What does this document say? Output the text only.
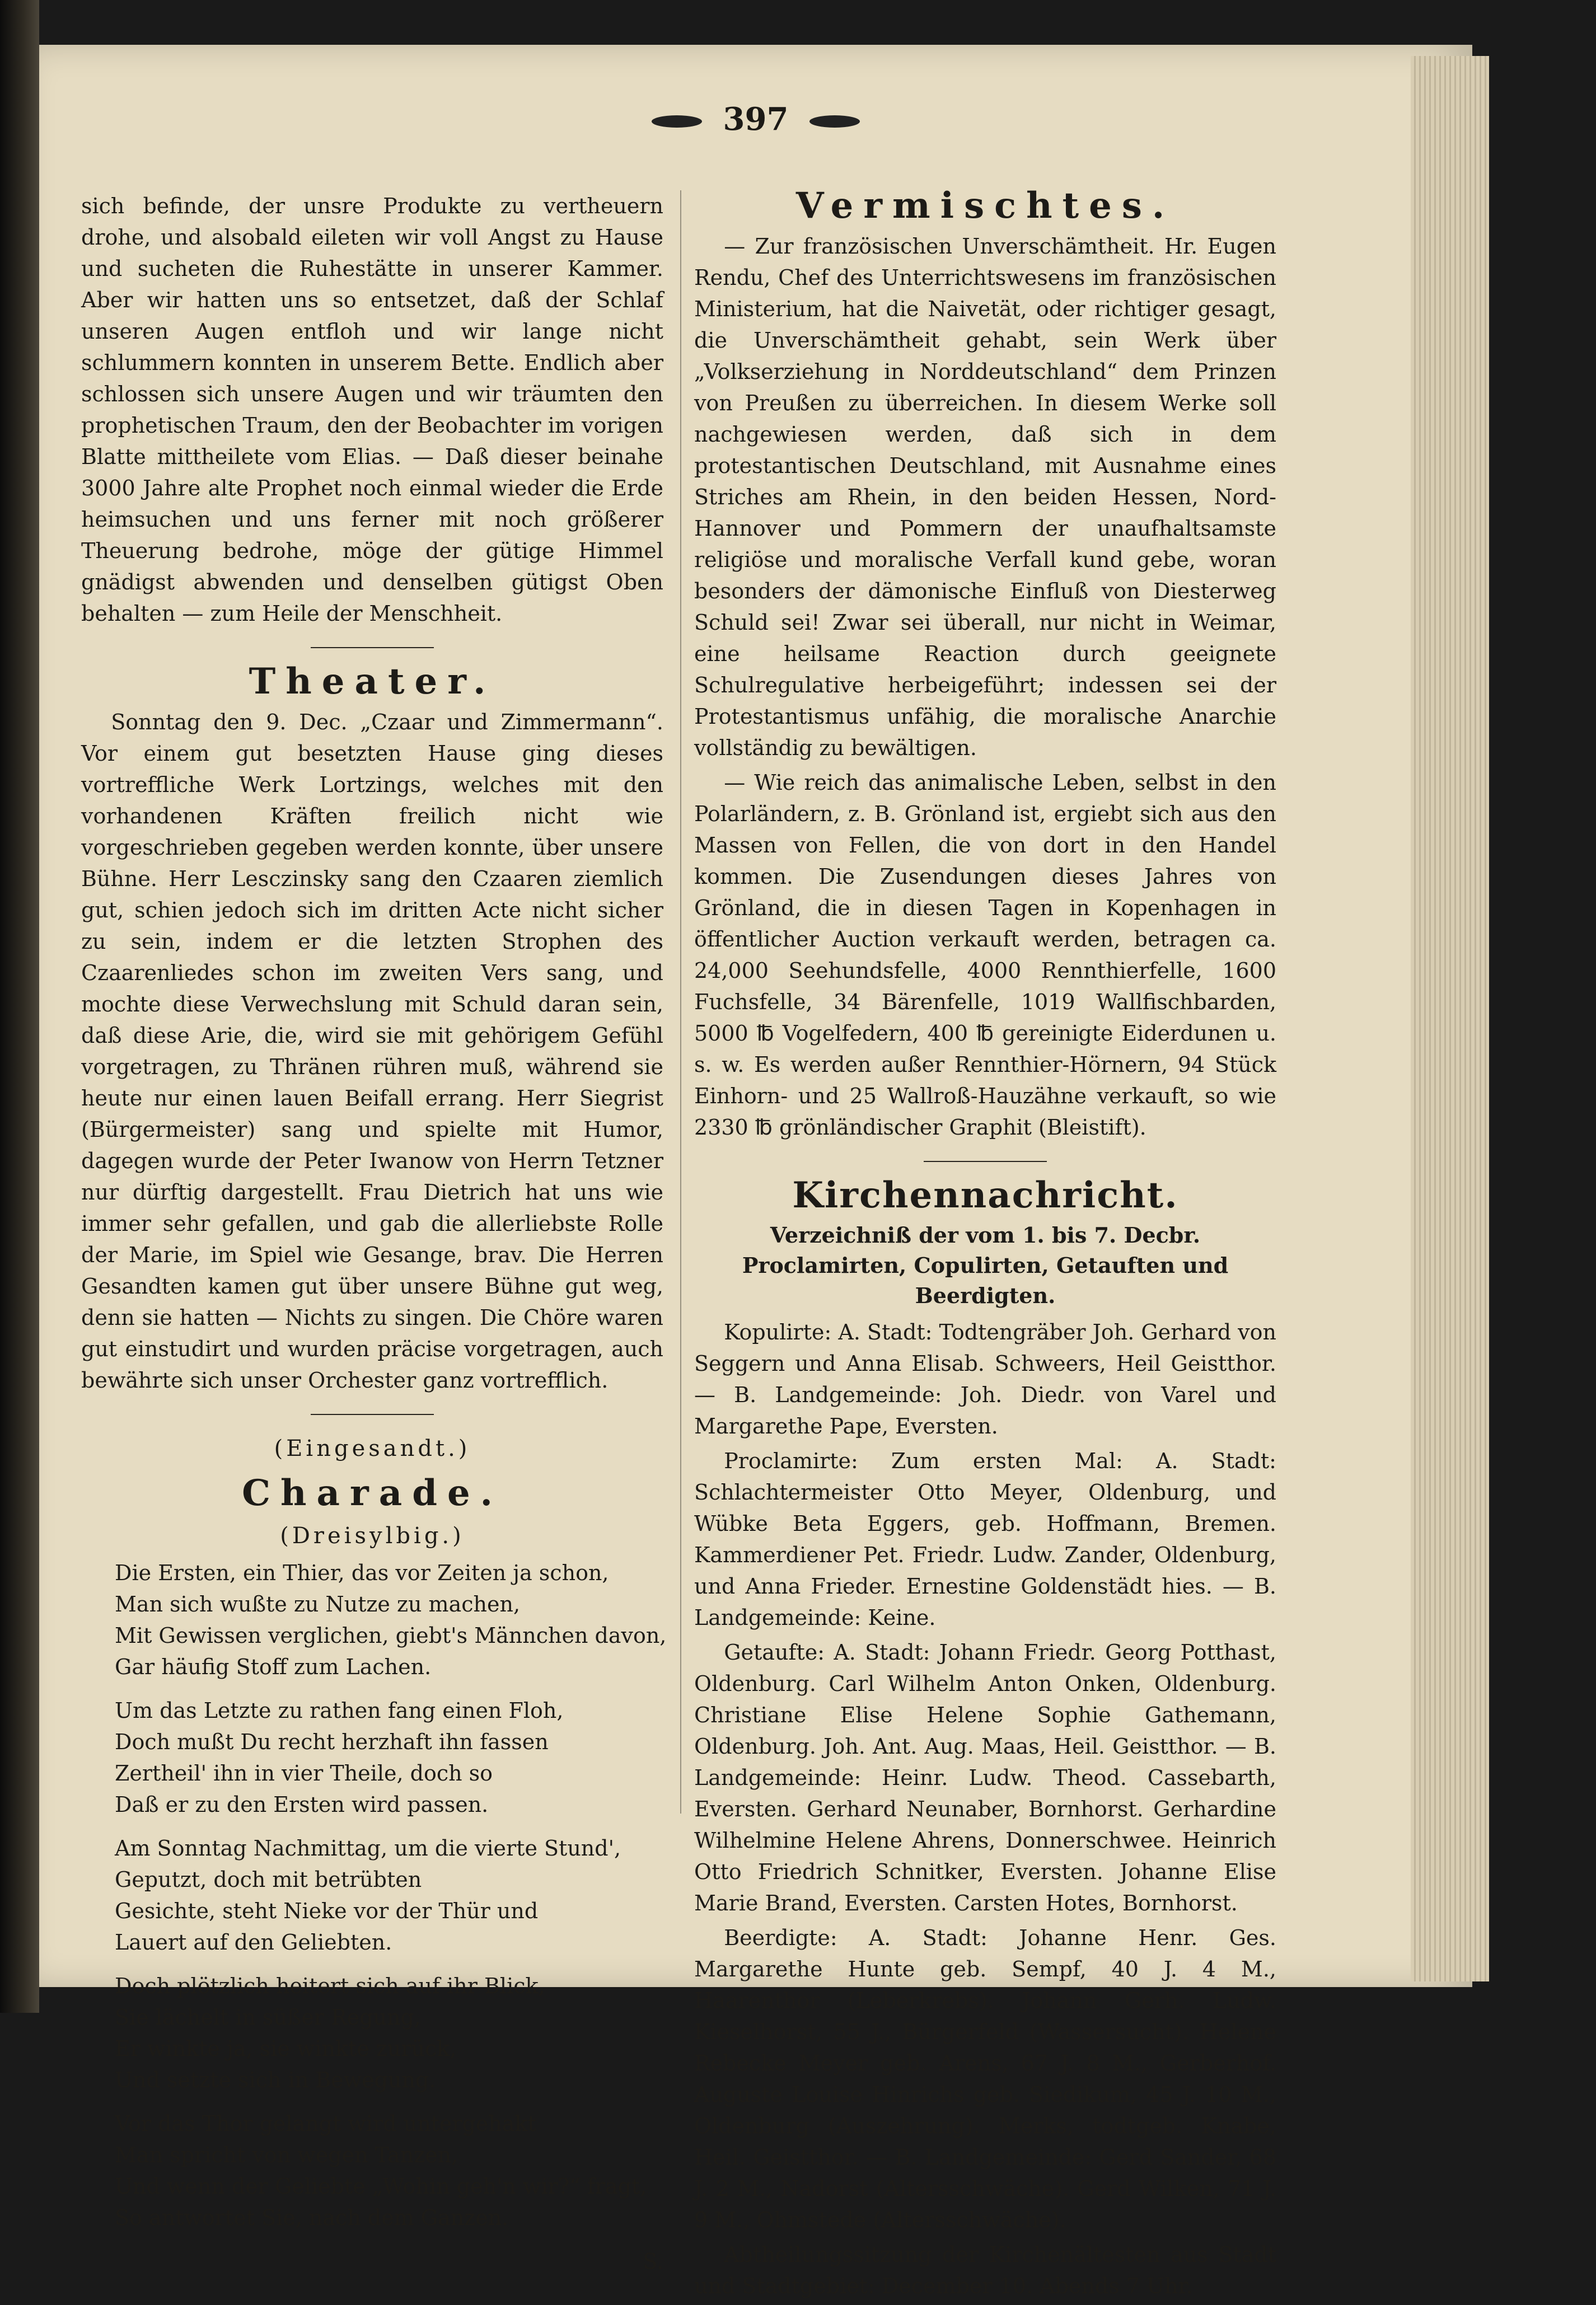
397

sich befinde, der unsre Produkte zu vertheuern drohe, und alsobald eileten wir voll Angst zu Hause und sucheten die Ruhestätte in unserer Kammer. Aber wir hatten uns so entsetzet, daß der Schlaf unseren Augen entfloh und wir lange nicht schlummern konnten in unserem Bette. Endlich aber schlossen sich unsere Augen und wir träumten den prophetischen Traum, den der Beobachter im vorigen Blatte mittheilete vom Elias. — Daß dieser beinahe 3000 Jahre alte Prophet noch einmal wieder die Erde heimsuchen und uns ferner mit noch größerer Theuerung bedrohe, möge der gütige Himmel gnädigst abwenden und denselben gütigst Oben behalten — zum Heile der Menschheit.

Theater.

Sonntag den 9. Dec. „Czaar und Zimmermann“. Vor einem gut besetzten Hause ging dieses vortreffliche Werk Lortzings, welches mit den vorhandenen Kräften freilich nicht wie vorgeschrieben gegeben werden konnte, über unsere Bühne. Herr Lesczinsky sang den Czaaren ziemlich gut, schien jedoch sich im dritten Acte nicht sicher zu sein, indem er die letzten Strophen des Czaarenliedes schon im zweiten Vers sang, und mochte diese Verwechslung mit Schuld daran sein, daß diese Arie, die, wird sie mit gehörigem Gefühl vorgetragen, zu Thränen rühren muß, während sie heute nur einen lauen Beifall errang. Herr Siegrist (Bürgermeister) sang und spielte mit Humor, dagegen wurde der Peter Iwanow von Herrn Tetzner nur dürftig dargestellt. Frau Dietrich hat uns wie immer sehr gefallen, und gab die allerliebste Rolle der Marie, im Spiel wie Gesange, brav. Die Herren Gesandten kamen gut über unsere Bühne gut weg, denn sie hatten — Nichts zu singen. Die Chöre waren gut einstudirt und wurden präcise vorgetragen, auch bewährte sich unser Orchester ganz vortrefflich.

(Eingesandt.)
Charade.
(Dreisylbig.)
Die Ersten, ein Thier, das vor Zeiten ja schon,
Man sich wußte zu Nutze zu machen,
Mit Gewissen verglichen, giebt's Männchen davon,
Gar häufig Stoff zum Lachen.
Um das Letzte zu rathen fang einen Floh,
Doch mußt Du recht herzhaft ihn fassen
Zertheil' ihn in vier Theile, doch so
Daß er zu den Ersten wird passen.
Am Sonntag Nachmittag, um die vierte Stund',
Geputzt, doch mit betrübten
Gesichte, steht Nieke vor der Thür und
Lauert auf den Geliebten.
Doch plötzlich heitert sich auf ihr Blick,
Sie lächelt in süßer Regung,
Er winkte ja, sie winkte zurück,
Und setzte sich in Bewegung.
Vor das Thor gelangt wird untergehakt
Man spricht von wegen Tanzen,
Und wenn der Geliebte „Wohin geh'n wir?“ fragt,
So antwortet Sie, nach dem Ganzen.
S.
Vermischtes.

— Zur französischen Unverschämtheit. Hr. Eugen Rendu, Chef des Unterrichtswesens im französischen Ministerium, hat die Naivetät, oder richtiger gesagt, die Unverschämtheit gehabt, sein Werk über „Volkserziehung in Norddeutschland“ dem Prinzen von Preußen zu überreichen. In diesem Werke soll nachgewiesen werden, daß sich in dem protestantischen Deutschland, mit Ausnahme eines Striches am Rhein, in den beiden Hessen, Nord-Hannover und Pommern der unaufhaltsamste religiöse und moralische Verfall kund gebe, woran besonders der dämonische Einfluß von Diesterweg Schuld sei! Zwar sei überall, nur nicht in Weimar, eine heilsame Reaction durch geeignete Schulregulative herbeigeführt; indessen sei der Protestantismus unfähig, die moralische Anarchie vollständig zu bewältigen.

— Wie reich das animalische Leben, selbst in den Polarländern, z. B. Grönland ist, ergiebt sich aus den Massen von Fellen, die von dort in den Handel kommen. Die Zusendungen dieses Jahres von Grönland, die in diesen Tagen in Kopenhagen in öffentlicher Auction verkauft werden, betragen ca. 24,000 Seehundsfelle, 4000 Rennthierfelle, 1600 Fuchsfelle, 34 Bärenfelle, 1019 Wallfischbarden, 5000 ℔ Vogelfedern, 400 ℔ gereinigte Eiderdunen u. s. w. Es werden außer Rennthier-Hörnern, 94 Stück Einhorn- und 25 Wallroß-Hauzähne verkauft, so wie 2330 ℔ grönländischer Graphit (Bleistift).

Kirchennachricht.
Verzeichniß der vom 1. bis 7. Decbr. Proclamirten, Copulirten, Getauften und Beerdigten.

Kopulirte: A. Stadt: Todtengräber Joh. Gerhard von Seggern und Anna Elisab. Schweers, Heil Geistthor. — B. Landgemeinde: Joh. Diedr. von Varel und Margarethe Pape, Eversten.

Proclamirte: Zum ersten Mal: A. Stadt: Schlachtermeister Otto Meyer, Oldenburg, und Wübke Beta Eggers, geb. Hoffmann, Bremen. Kammerdiener Pet. Friedr. Ludw. Zander, Oldenburg, und Anna Frieder. Ernestine Goldenstädt hies. — B. Landgemeinde: Keine.

Getaufte: A. Stadt: Johann Friedr. Georg Potthast, Oldenburg. Carl Wilhelm Anton Onken, Oldenburg. Christiane Elise Helene Sophie Gathemann, Oldenburg. Joh. Ant. Aug. Maas, Heil. Geistthor. — B. Landgemeinde: Heinr. Ludw. Theod. Cassebarth, Eversten. Gerhard Neunaber, Bornhorst. Gerhardine Wilhelmine Helene Ahrens, Donnerschwee. Heinrich Otto Friedrich Schnitker, Eversten. Johanne Elise Marie Brand, Eversten. Carsten Hotes, Bornhorst.

Beerdigte: A. Stadt: Johanne Henr. Ges. Margarethe Hunte geb. Sempf, 40 J. 4 M., Haarenthor (Leberkrebs). Johann Gerh. Ludw. Kieselhorst, 55 J., Bürgerfeld (Wassersucht). Helene Rebecke Meyer geb. Arens, 67 J. 8 M., Gerberhof. Auguste Louise Hinrichs geb. Siedikum, 45 J. 10 M., Oldenburg (Auszehrung). Merks, todtgeb. Knabe, Heil. Geistthor. — B. Landgemeinde: Gerd Sander, 68 J. 2 M., Nadorst (Altersschwäche). Gerd Wilken, 71 J. 9 M., Ohmstede (Altersschwäche).

Abtheilungssitzung der Kirchenältesten aus Stadt und Stadtgebiet: December 10. Abends 7 Uhr.
